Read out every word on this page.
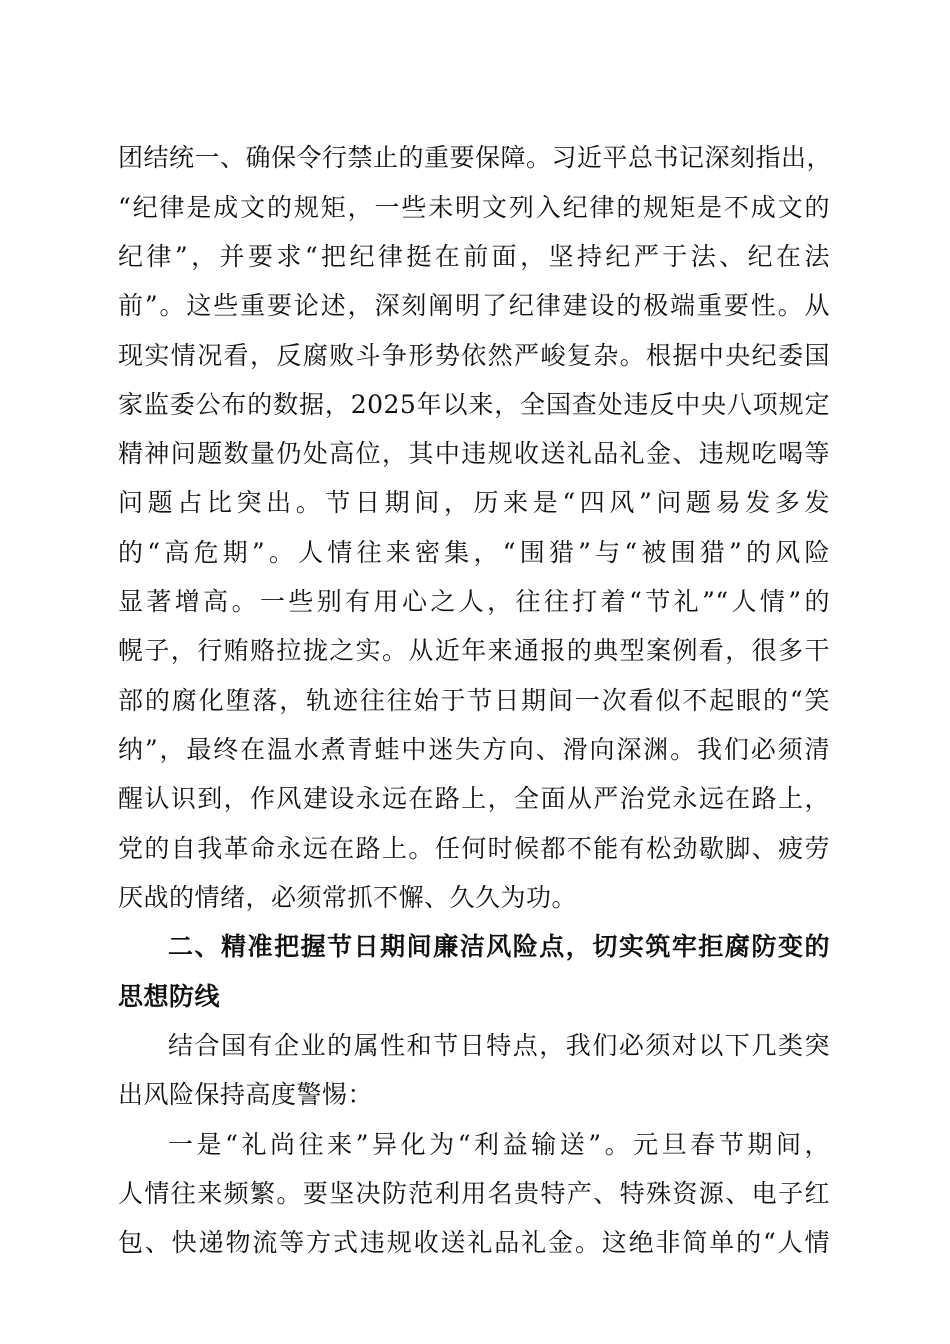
团结统一、确保令行禁止的重要保障。习近平总书记深刻指出，
“纪律是成文的规矩，一些未明文列入纪律的规矩是不成文的
纪律”，并要求“把纪律挺在前面，坚持纪严于法、纪在法
前”。这些重要论述，深刻阐明了纪律建设的极端重要性。从
现实情况看，反腐败斗争形势依然严峻复杂。根据中央纪委国
家监委公布的数据，2025年以来，全国查处违反中央八项规定
精神问题数量仍处高位，其中违规收送礼品礼金、违规吃喝等
问题占比突出。节日期间，历来是“四风”问题易发多发
的“高危期”。人情往来密集，“围猎”与“被围猎”的风险
显著增高。一些别有用心之人，往往打着“节礼”“人情”的
幌子，行贿赂拉拢之实。从近年来通报的典型案例看，很多干
部的腐化堕落，轨迹往往始于节日期间一次看似不起眼的“笑
纳”，最终在温水煮青蛙中迷失方向、滑向深渊。我们必须清
醒认识到，作风建设永远在路上，全面从严治党永远在路上，
党的自我革命永远在路上。任何时候都不能有松劲歇脚、疲劳
厌战的情绪，必须常抓不懈、久久为功。
二、精准把握节日期间廉洁风险点，切实筑牢拒腐防变的
思想防线
结合国有企业的属性和节日特点，我们必须对以下几类突
出风险保持高度警惕：
一是“礼尚往来”异化为“利益输送”。元旦春节期间，
人情往来频繁。要坚决防范利用名贵特产、特殊资源、电子红
包、快递物流等方式违规收送礼品礼金。这绝非简单的“人情
